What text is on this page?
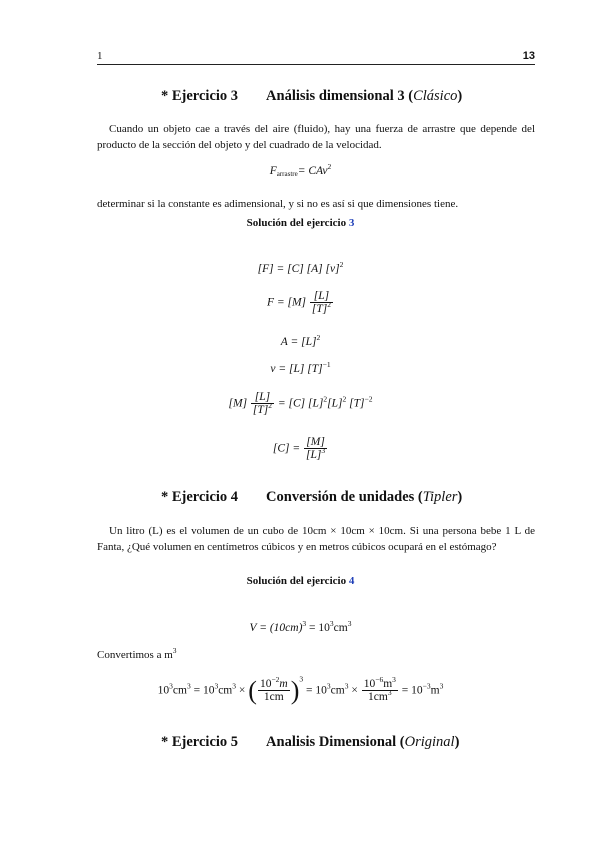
1	13
* Ejercicio 3 Análisis dimensional 3 (Clásico)
Cuando un objeto cae a través del aire (fluido), hay una fuerza de arrastre que depende del producto de la sección del objeto y del cuadrado de la velocidad.
$F_{arrastre}= CAv^2$
determinar si la constante es adimensional, y si no es así si que dimensiones tiene.
Solución del ejercicio 3
[F] = [C] [A] $[v]^2$
$F = [M] \frac{[L]}{[T]^2}$
$A = [L]^2$
v = [L] $[T]^{-1}$
$[M] \frac{[L]}{[T]^2} = [C]$ $[L]^2[L]^2$ $[T]^{-2}$
$[C] = \frac{[M]}{[L]^3}$
* Ejercicio 4 Conversión de unidades (Tipler)
Un litro (L) es el volumen de un cubo de 10cm × 10cm × 10cm. Si una persona bebe 1 L de Fanta, ¿Qué volumen en centímetros cúbicos y en metros cúbicos ocupará en el estómago?
Solución del ejercicio 4
$V = (10cm)^3 = 10^3cm^3$
Convertimos a $m^3$
$10^3cm^3 = 10^3cm^3$ × ( $\frac{10^{-2}m}{1cm} )^3 = 10^3cm^3 \times \frac{10^{-6}m^3}{1cm^3} = 10^{-3}m^3$
* Ejercicio 5 Analisis Dimensional (Original)
